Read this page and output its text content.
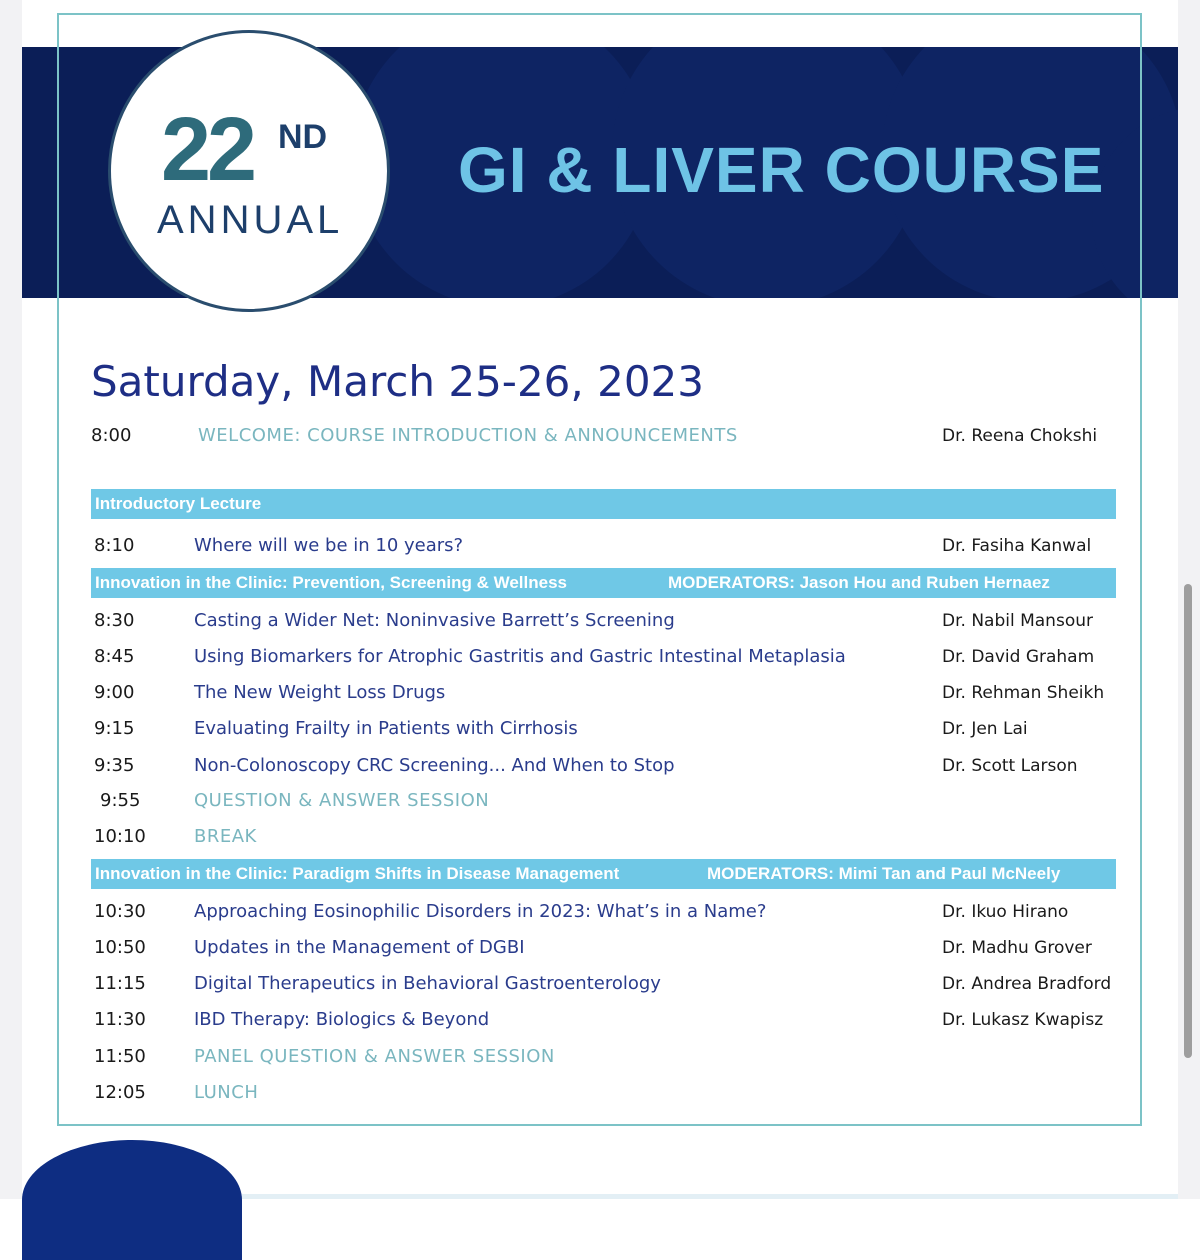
22 ND
ANNUAL
GI & LIVER COURSE
Saturday, March 25-26, 2023
8:00	WELCOME: COURSE INTRODUCTION & ANNOUNCEMENTS	Dr. Reena Chokshi
Introductory Lecture
8:10	Where will we be in 10 years?	Dr. Fasiha Kanwal
Innovation in the Clinic: Prevention, Screening & Wellness	MODERATORS: Jason Hou and Ruben Hernaez
8:30	Casting a Wider Net: Noninvasive Barrett’s Screening	Dr. Nabil Mansour
8:45	Using Biomarkers for Atrophic Gastritis and Gastric Intestinal Metaplasia	Dr. David Graham
9:00	The New Weight Loss Drugs	Dr. Rehman Sheikh
9:15	Evaluating Frailty in Patients with Cirrhosis	Dr. Jen Lai
9:35	Non-Colonoscopy CRC Screening... And When to Stop	Dr. Scott Larson
9:55	QUESTION & ANSWER SESSION
10:10	BREAK
Innovation in the Clinic: Paradigm Shifts in Disease Management	MODERATORS: Mimi Tan and Paul McNeely
10:30	Approaching Eosinophilic Disorders in 2023: What’s in a Name?	Dr. Ikuo Hirano
10:50	Updates in the Management of DGBI	Dr. Madhu Grover
11:15	Digital Therapeutics in Behavioral Gastroenterology	Dr. Andrea Bradford
11:30	IBD Therapy: Biologics & Beyond	Dr. Lukasz Kwapisz
11:50	PANEL QUESTION & ANSWER SESSION
12:05	LUNCH
